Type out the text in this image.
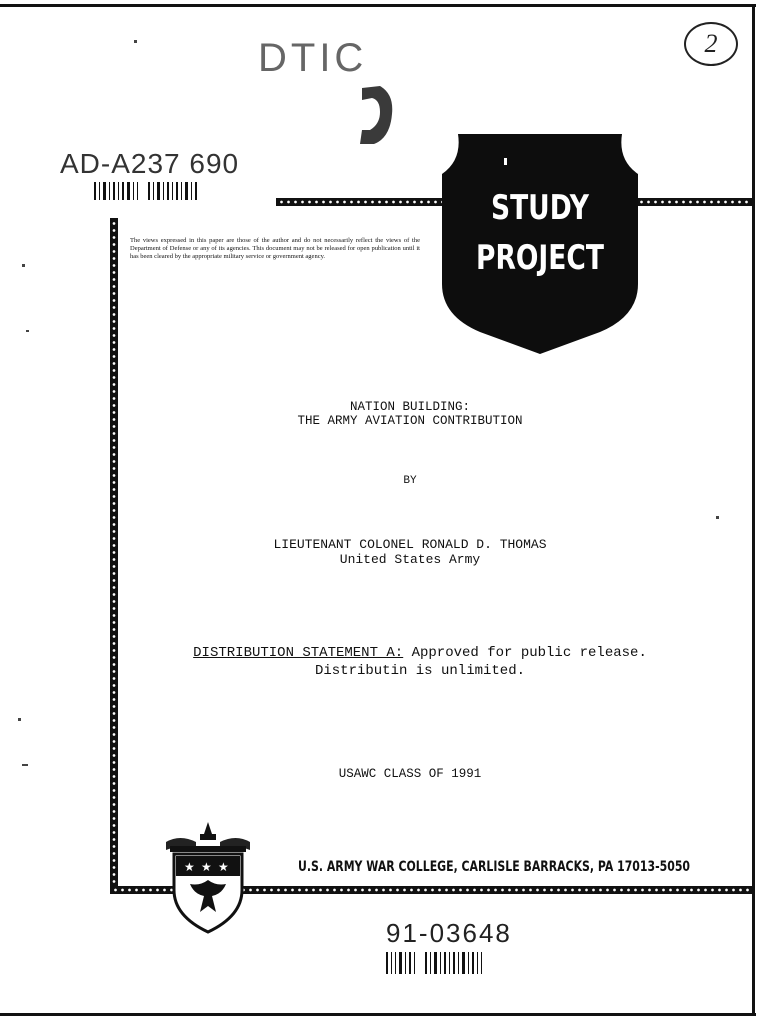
DTIC	2
AD-A237 690
The views expressed in this paper are those of the author and do not necessarily reflect the views of the Department of Defense or any of its agencies. This document may not be released for open publication until it has been cleared by the appropriate military service or government agency.
STUDY
PROJECT
NATION BUILDING:
THE ARMY AVIATION CONTRIBUTION
BY
LIEUTENANT COLONEL RONALD D. THOMAS
United States Army
DISTRIBUTION STATEMENT A: Approved for public release.
Distributin is unlimited.
USAWC CLASS OF 1991
★ ★ ★	U.S. ARMY WAR COLLEGE, CARLISLE BARRACKS, PA 17013-5050
91-03648
